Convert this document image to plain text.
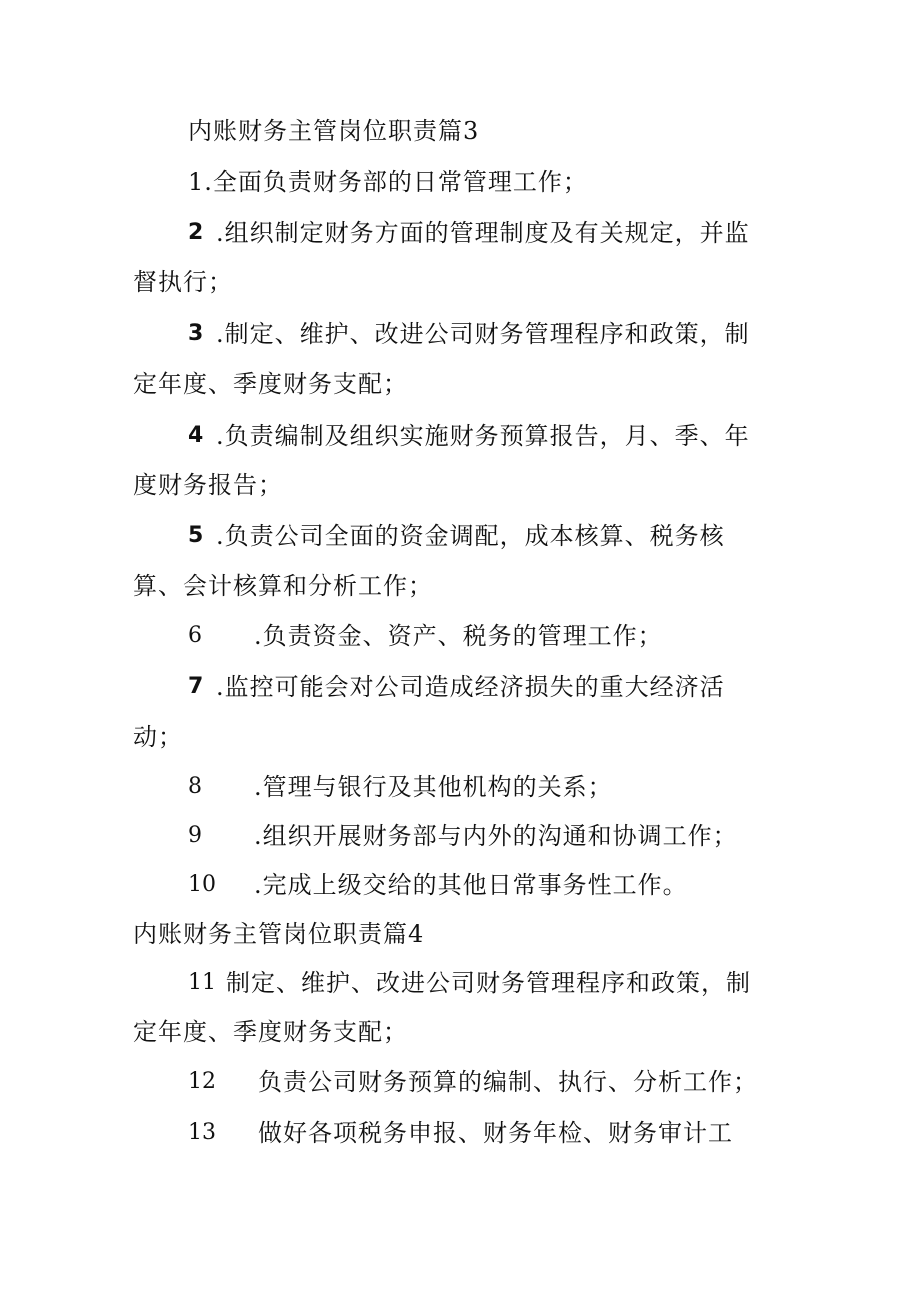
内账财务主管岗位职责篇3
1.全面负责财务部的日常管理工作；
2 .组织制定财务方面的管理制度及有关规定，并监
督执行；
3 .制定、维护、改进公司财务管理程序和政策，制
定年度、季度财务支配；
4 .负责编制及组织实施财务预算报告，月、季、年
度财务报告；
5 .负责公司全面的资金调配，成本核算、税务核
算、会计核算和分析工作；
6 .负责资金、资产、税务的管理工作；
7 .监控可能会对公司造成经济损失的重大经济活
动；
8 .管理与银行及其他机构的关系；
9 .组织开展财务部与内外的沟通和协调工作；
10 .完成上级交给的其他日常事务性工作。
内账财务主管岗位职责篇4
11 制定、维护、改进公司财务管理程序和政策，制
定年度、季度财务支配；
12 负责公司财务预算的编制、执行、分析工作；
13 做好各项税务申报、财务年检、财务审计工
